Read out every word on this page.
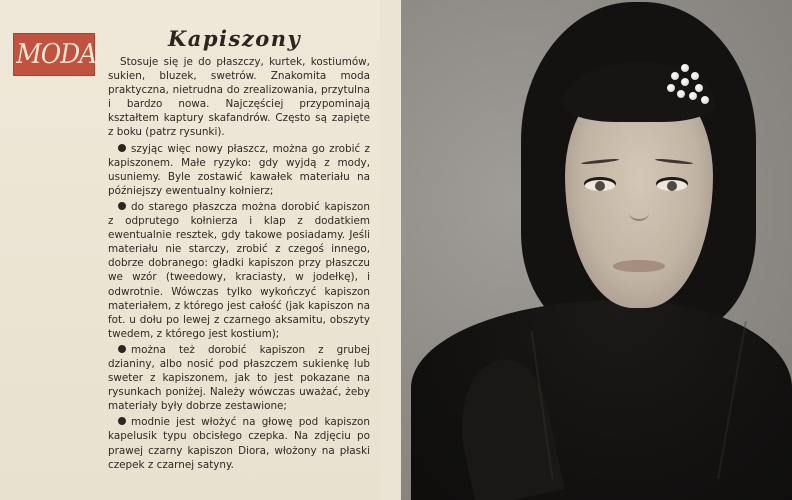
MODA
Kapiszony

Stosuje się je do płaszczy, kurtek, kostiumów, sukien, bluzek, swetrów. Znakomita moda praktyczna, nietrudna do zrealizowania, przytulna i bardzo nowa. Najczęściej przypominają kształtem kaptury skafandrów. Często są zapięte z boku (patrz rysunki).

szyjąc więc nowy płaszcz, można go zrobić z kapiszonem. Małe ryzyko: gdy wyjdą z mody, usuniemy. Byle zostawić kawałek materiału na późniejszy ewentualny kołnierz;

do starego płaszcza można dorobić kapiszon z odprutego kołnierza i klap z dodatkiem ewentualnie resztek, gdy takowe posiadamy. Jeśli materiału nie starczy, zrobić z czegoś innego, dobrze dobranego: gładki kapiszon przy płaszczu we wzór (tweedowy, kraciasty, w jodełkę), i odwrotnie. Wówczas tylko wykończyć kapiszon materiałem, z którego jest całość (jak kapiszon na fot. u dołu po lewej z czarnego aksamitu, obszyty twedem, z którego jest kostium);

można też dorobić kapiszon z grubej dzianiny, albo nosić pod płaszczem sukienkę lub sweter z kapiszonem, jak to jest pokazane na rysunkach poniżej. Należy wówczas uważać, żeby materiały były dobrze zestawione;

modnie jest włożyć na głowę pod kapiszon kapelusik typu obcisłego czepka. Na zdjęciu po prawej czarny kapiszon Diora, włożony na płaski czepek z czarnej satyny.
